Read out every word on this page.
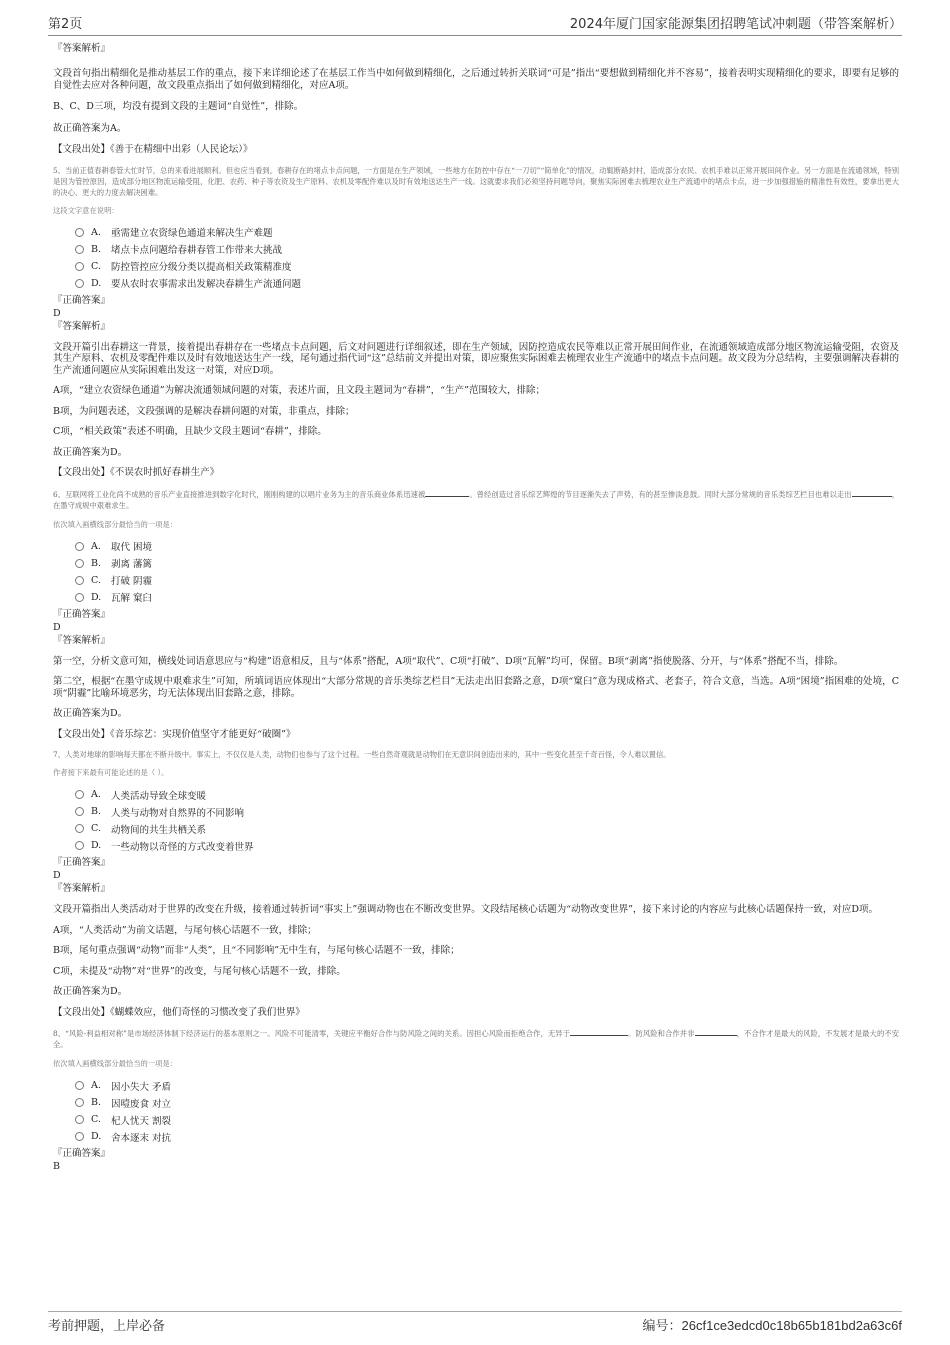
第2页	2024年厦门国家能源集团招聘笔试冲刺题（带答案解析）
『答案解析』
文段首句指出精细化是推动基层工作的重点，接下来详细论述了在基层工作当中如何做到精细化，之后通过转折关联词“可是”指出“要想做到精细化并不容易”，接着表明实现精细化的要求，即要有足够的自觉性去应对各种问题，故文段重点指出了如何做到精细化，对应A项。
B、C、D三项，均没有提到文段的主题词“自觉性”，排除。
故正确答案为A。
【文段出处】《善于在精细中出彩（人民论坛）》
5、当前正值春耕春管大忙时节，总的来看进展顺利。但也应当看到，春耕存在的堵点卡点问题，一方面是在生产领域，一些地方在防控中存在“一刀切”“简单化”的情况，动辄断路封村，造成部分农民、农机手难以正常开展田间作业。另一方面是在流通领域，特别是因为管控原因，造成部分地区物流运输受阻，化肥、农药、种子等农资及生产原料、农机及零配件难以及时有效地送达生产一线。这就要求我们必须坚持问题导向，聚焦实际困难去梳理农业生产流通中的堵点卡点，进一步加强措施的精准性有效性，要拿出更大的决心、更大的力度去解决困难。
这段文字意在说明：
A.	亟需建立农资绿色通道来解决生产难题
B.	堵点卡点问题给春耕春管工作带来大挑战
C.	防控管控应分级分类以提高相关政策精准度
D.	要从农时农事需求出发解决春耕生产流通问题
『正确答案』
D
『答案解析』
文段开篇引出春耕这一背景，接着提出春耕存在一些堵点卡点问题，后文对问题进行详细叙述，即在生产领域，因防控造成农民等难以正常开展田间作业，在流通领域造成部分地区物流运输受阻，农资及其生产原料、农机及零配件难以及时有效地送达生产一线，尾句通过指代词“这”总结前文并提出对策，即应聚焦实际困难去梳理农业生产流通中的堵点卡点问题。故文段为分总结构，主要强调解决春耕的生产流通问题应从实际困难出发这一对策，对应D项。
A项，“建立农资绿色通道”为解决流通领域问题的对策，表述片面，且文段主题词为“春耕”，“生产”范围较大，排除；
B项，为问题表述，文段强调的是解决春耕问题的对策，非重点，排除；
C项，“相关政策”表述不明确，且缺少文段主题词“春耕”，排除。
故正确答案为D。
【文段出处】《不误农时抓好春耕生产》
6、互联网将工业化尚不成熟的音乐产业直接推进到数字化时代，刚刚构建的以唱片业务为主的音乐商业体系迅速被	。曾经创造过音乐综艺辉煌的节目逐渐失去了声势，有的甚至惨淡息鼓。同时大部分常规的音乐类综艺栏目也难以走出	，在墨守成规中艰难求生。
依次填入画横线部分最恰当的一项是：
A.	取代 困境
B.	剥离 藩篱
C.	打破 阴霾
D.	瓦解 窠臼
『正确答案』
D
『答案解析』
第一空，分析文意可知，横线处词语意思应与“构建”语意相反，且与“体系”搭配，A项“取代”、C项“打破”、D项“瓦解”均可，保留。B项“剥离”指使脱落、分开，与“体系”搭配不当，排除。
第二空，根据“在墨守成规中艰难求生”可知，所填词语应体现出“大部分常规的音乐类综艺栏目”无法走出旧套路之意，D项“窠臼”意为现成格式、老套子，符合文意，当选。A项“困境”指困难的处境，C项“阴霾”比喻环境恶劣，均无法体现出旧套路之意，排除。
故正确答案为D。
【文段出处】《音乐综艺：实现价值坚守才能更好“破圈”》
7、人类对地球的影响每天都在不断升级中。事实上，不仅仅是人类，动物们也参与了这个过程。一些自然奇观就是动物们在无意识间创造出来的，其中一些变化甚至千奇百怪，令人难以置信。
作者接下来最有可能论述的是（ ）。
A.	人类活动导致全球变暖
B.	人类与动物对自然界的不同影响
C.	动物间的共生共栖关系
D.	一些动物以奇怪的方式改变着世界
『正确答案』
D
『答案解析』
文段开篇指出人类活动对于世界的改变在升级，接着通过转折词“事实上”强调动物也在不断改变世界。文段结尾核心话题为“动物改变世界”，接下来讨论的内容应与此核心话题保持一致，对应D项。
A项，“人类活动”为前文话题，与尾句核心话题不一致，排除；
B项，尾句重点强调“动物”而非“人类”，且“不同影响”无中生有，与尾句核心话题不一致，排除；
C项，未提及“动物”对“世界”的改变，与尾句核心话题不一致，排除。
故正确答案为D。
【文段出处】《蝴蝶效应，他们奇怪的习惯改变了我们世界》
8、“风险-利益相对称”是市场经济体制下经济运行的基本原则之一。风险不可能清零，关键应平衡好合作与防风险之间的关系。因担心风险而拒绝合作，无异于	。防风险和合作并非	，不合作才是最大的风险，不发展才是最大的不安全。
依次填入画横线部分最恰当的一项是：
A.	因小失大 矛盾
B.	因噎废食 对立
C.	杞人忧天 割裂
D.	舍本逐末 对抗
『正确答案』
B
考前押题，上岸必备	编号：26cf1ce3edcd0c18b65b181bd2a63c6f
